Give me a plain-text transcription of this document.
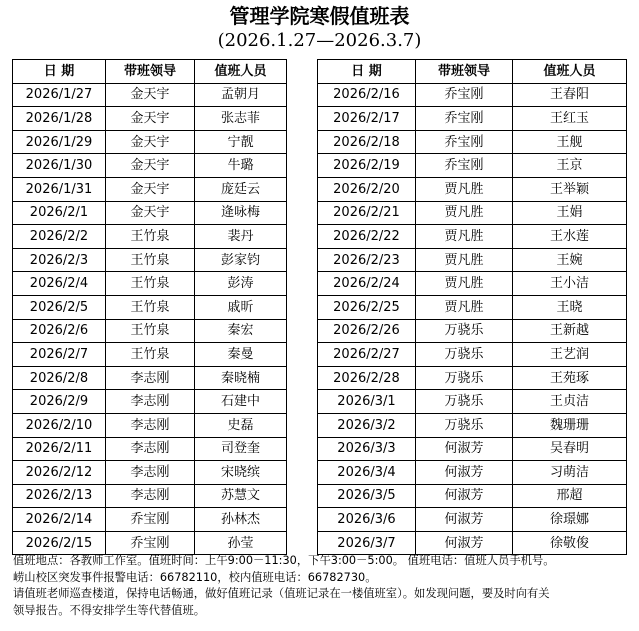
管理学院寒假值班表
(2026.1.27—2026.3.7)
日 期	带班领导	值班人员
2026/1/27	金天宇	孟朝月
2026/1/28	金天宇	张志菲
2026/1/29	金天宇	宁靓
2026/1/30	金天宇	牛璐
2026/1/31	金天宇	庞廷云
2026/2/1	金天宇	逄咏梅
2026/2/2	王竹泉	裴丹
2026/2/3	王竹泉	彭家钧
2026/2/4	王竹泉	彭涛
2026/2/5	王竹泉	戚昕
2026/2/6	王竹泉	秦宏
2026/2/7	王竹泉	秦曼
2026/2/8	李志刚	秦晓楠
2026/2/9	李志刚	石建中
2026/2/10	李志刚	史磊
2026/2/11	李志刚	司登奎
2026/2/12	李志刚	宋晓缤
2026/2/13	李志刚	苏慧文
2026/2/14	乔宝刚	孙林杰
2026/2/15	乔宝刚	孙莹
日 期	带班领导	值班人员
2026/2/16	乔宝刚	王春阳
2026/2/17	乔宝刚	王红玉
2026/2/18	乔宝刚	王舰
2026/2/19	乔宝刚	王京
2026/2/20	贾凡胜	王举颖
2026/2/21	贾凡胜	王娟
2026/2/22	贾凡胜	王水莲
2026/2/23	贾凡胜	王婉
2026/2/24	贾凡胜	王小洁
2026/2/25	贾凡胜	王晓
2026/2/26	万骁乐	王新越
2026/2/27	万骁乐	王艺润
2026/2/28	万骁乐	王苑琢
2026/3/1	万骁乐	王贞洁
2026/3/2	万骁乐	魏珊珊
2026/3/3	何淑芳	吴春明
2026/3/4	何淑芳	习萌洁
2026/3/5	何淑芳	邢超
2026/3/6	何淑芳	徐璟娜
2026/3/7	何淑芳	徐敬俊
值班地点：各教师工作室。值班时间：上午9:00－11:30，下午3:00－5:00。 值班电话：值班人员手机号。
崂山校区突发事件报警电话：66782110，校内值班电话：66782730。
请值班老师巡查楼道，保持电话畅通，做好值班记录（值班记录在一楼值班室）。如发现问题，要及时向有关
领导报告。不得安排学生等代替值班。
